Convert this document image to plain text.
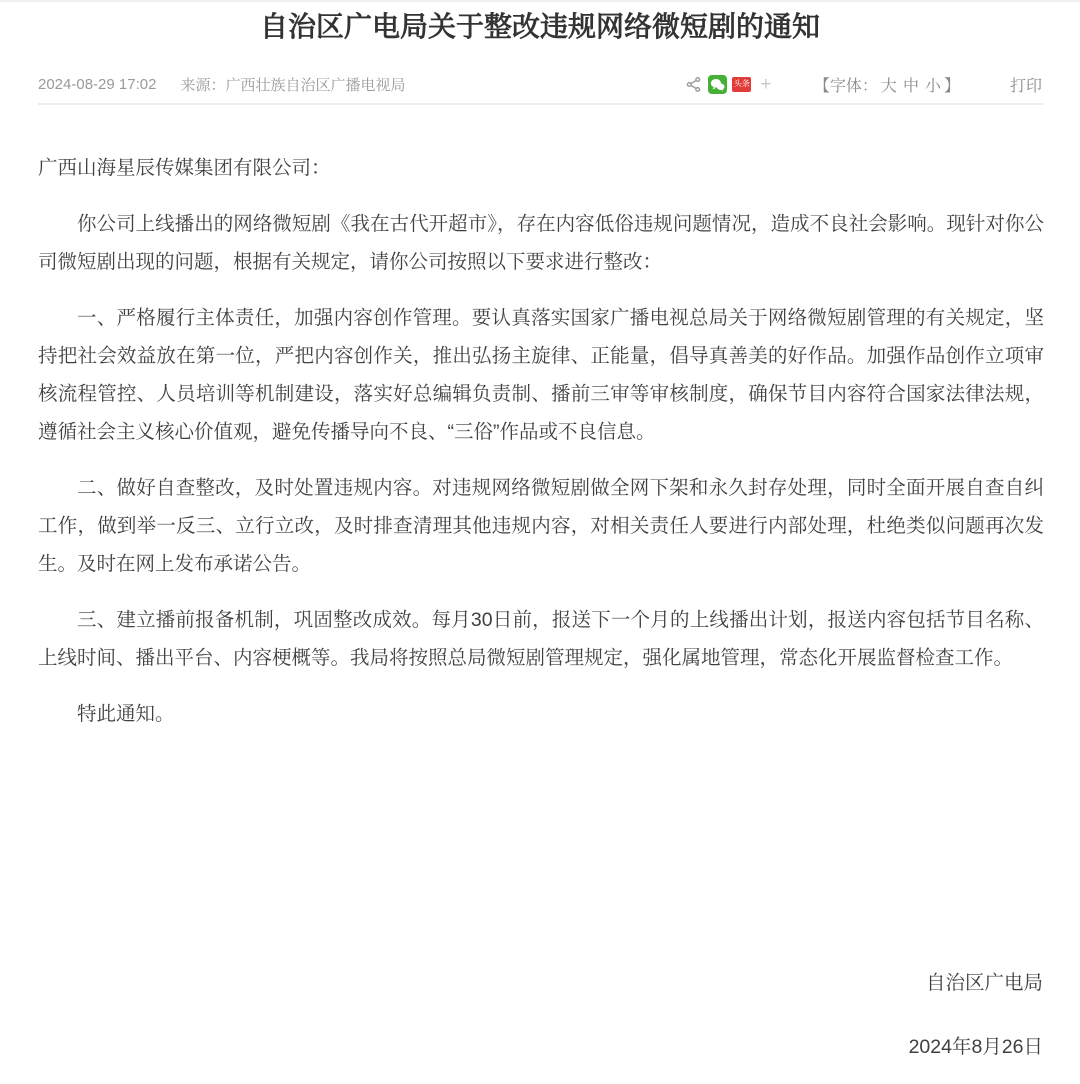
自治区广电局关于整改违规网络微短剧的通知
2024-08-29 17:02 来源：广西壮族自治区广播电视局	头条 +	【字体： 大 中 小 】	打印

广西山海星辰传媒集团有限公司：

你公司上线播出的网络微短剧《我在古代开超市》，存在内容低俗违规问题情况，造成不良社会影响。现针对你公司微短剧出现的问题，根据有关规定，请你公司按照以下要求进行整改：

一、严格履行主体责任，加强内容创作管理。要认真落实国家广播电视总局关于网络微短剧管理的有关规定，坚持把社会效益放在第一位，严把内容创作关，推出弘扬主旋律、正能量，倡导真善美的好作品。加强作品创作立项审核流程管控、人员培训等机制建设，落实好总编辑负责制、播前三审等审核制度，确保节目内容符合国家法律法规，遵循社会主义核心价值观，避免传播导向不良、“三俗”作品或不良信息。

二、做好自查整改，及时处置违规内容。对违规网络微短剧做全网下架和永久封存处理，同时全面开展自查自纠工作，做到举一反三、立行立改，及时排查清理其他违规内容，对相关责任人要进行内部处理，杜绝类似问题再次发生。及时在网上发布承诺公告。

三、建立播前报备机制，巩固整改成效。每月30日前，报送下一个月的上线播出计划，报送内容包括节目名称、上线时间、播出平台、内容梗概等。我局将按照总局微短剧管理规定，强化属地管理，常态化开展监督检查工作。

特此通知。

自治区广电局
2024年8月26日
